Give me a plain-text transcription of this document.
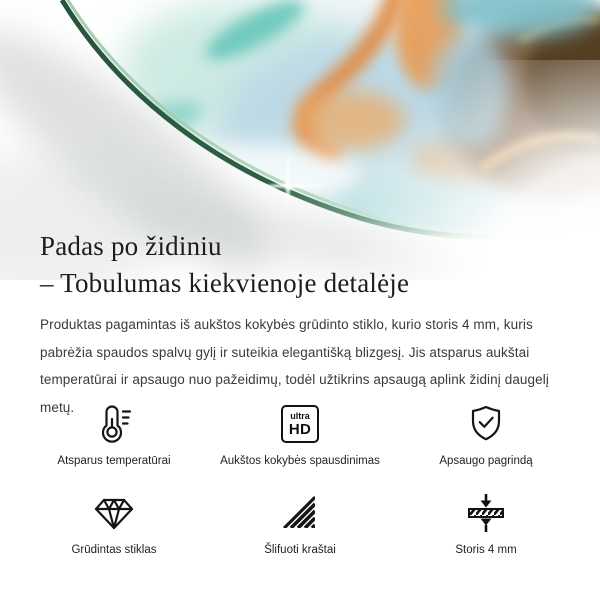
Padas po židiniu
– Tobulumas kiekvienoje detalėje

Produktas pagamintas iš aukštos kokybės grūdinto stiklo, kurio storis 4 mm, kuris pabrėžia spaudos spalvų gylį ir suteikia elegantišką blizgesį. Jis atsparus aukštai temperatūrai ir apsaugo nuo pažeidimų, todėl užtikrins apsaugą aplink židinį daugelį metų.

Atsparus temperatūrai
ultra
HD
Aukštos kokybės spausdinimas	Apsaugo pagrindą
Grūdintas stiklas	Šlifuoti kraštai	Storis 4 mm
